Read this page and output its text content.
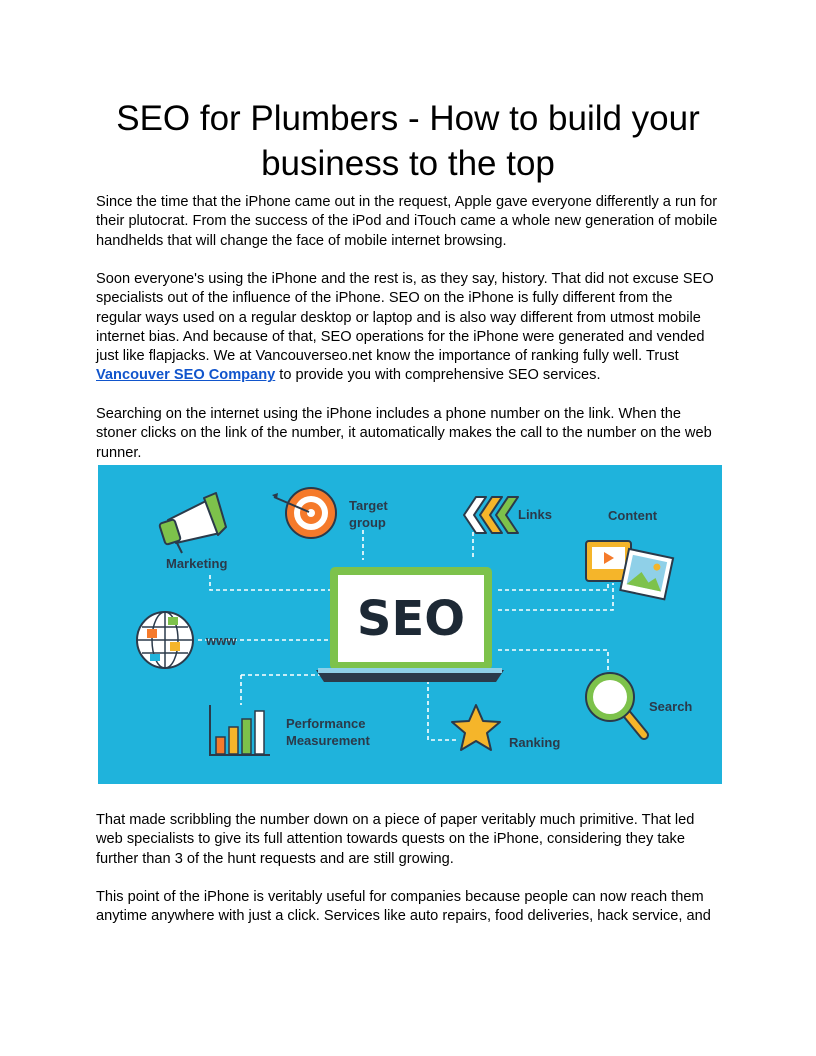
SEO for Plumbers - How to build your business to the top

Since the time that the iPhone came out in the request, Apple gave everyone differently a run for their plutocrat. From the success of the iPod and iTouch came a whole new generation of mobile handhelds that will change the face of mobile internet browsing.

Soon everyone's using the iPhone and the rest is, as they say, history. That did not excuse SEO specialists out of the influence of the iPhone. SEO on the iPhone is fully different from the regular ways used on a regular desktop or laptop and is also way different from utmost mobile internet bias. And because of that, SEO operations for the iPhone were generated and vended just like flapjacks. We at Vancouverseo.net know the importance of ranking fully well. Trust Vancouver SEO Company to provide you with comprehensive SEO services.

Searching on the internet using the iPhone includes a phone number on the link. When the stoner clicks on the link of the number, it automatically makes the call to the number on the web runner.

SEO
Target
group
Links	Content
Marketing
www
Search
Performance
Measurement	Ranking

That made scribbling the number down on a piece of paper veritably much primitive. That led web specialists to give its full attention towards quests on the iPhone, considering they take further than 3 of the hunt requests and are still growing.

This point of the iPhone is veritably useful for companies because people can now reach them anytime anywhere with just a click. Services like auto repairs, food deliveries, hack service, and
